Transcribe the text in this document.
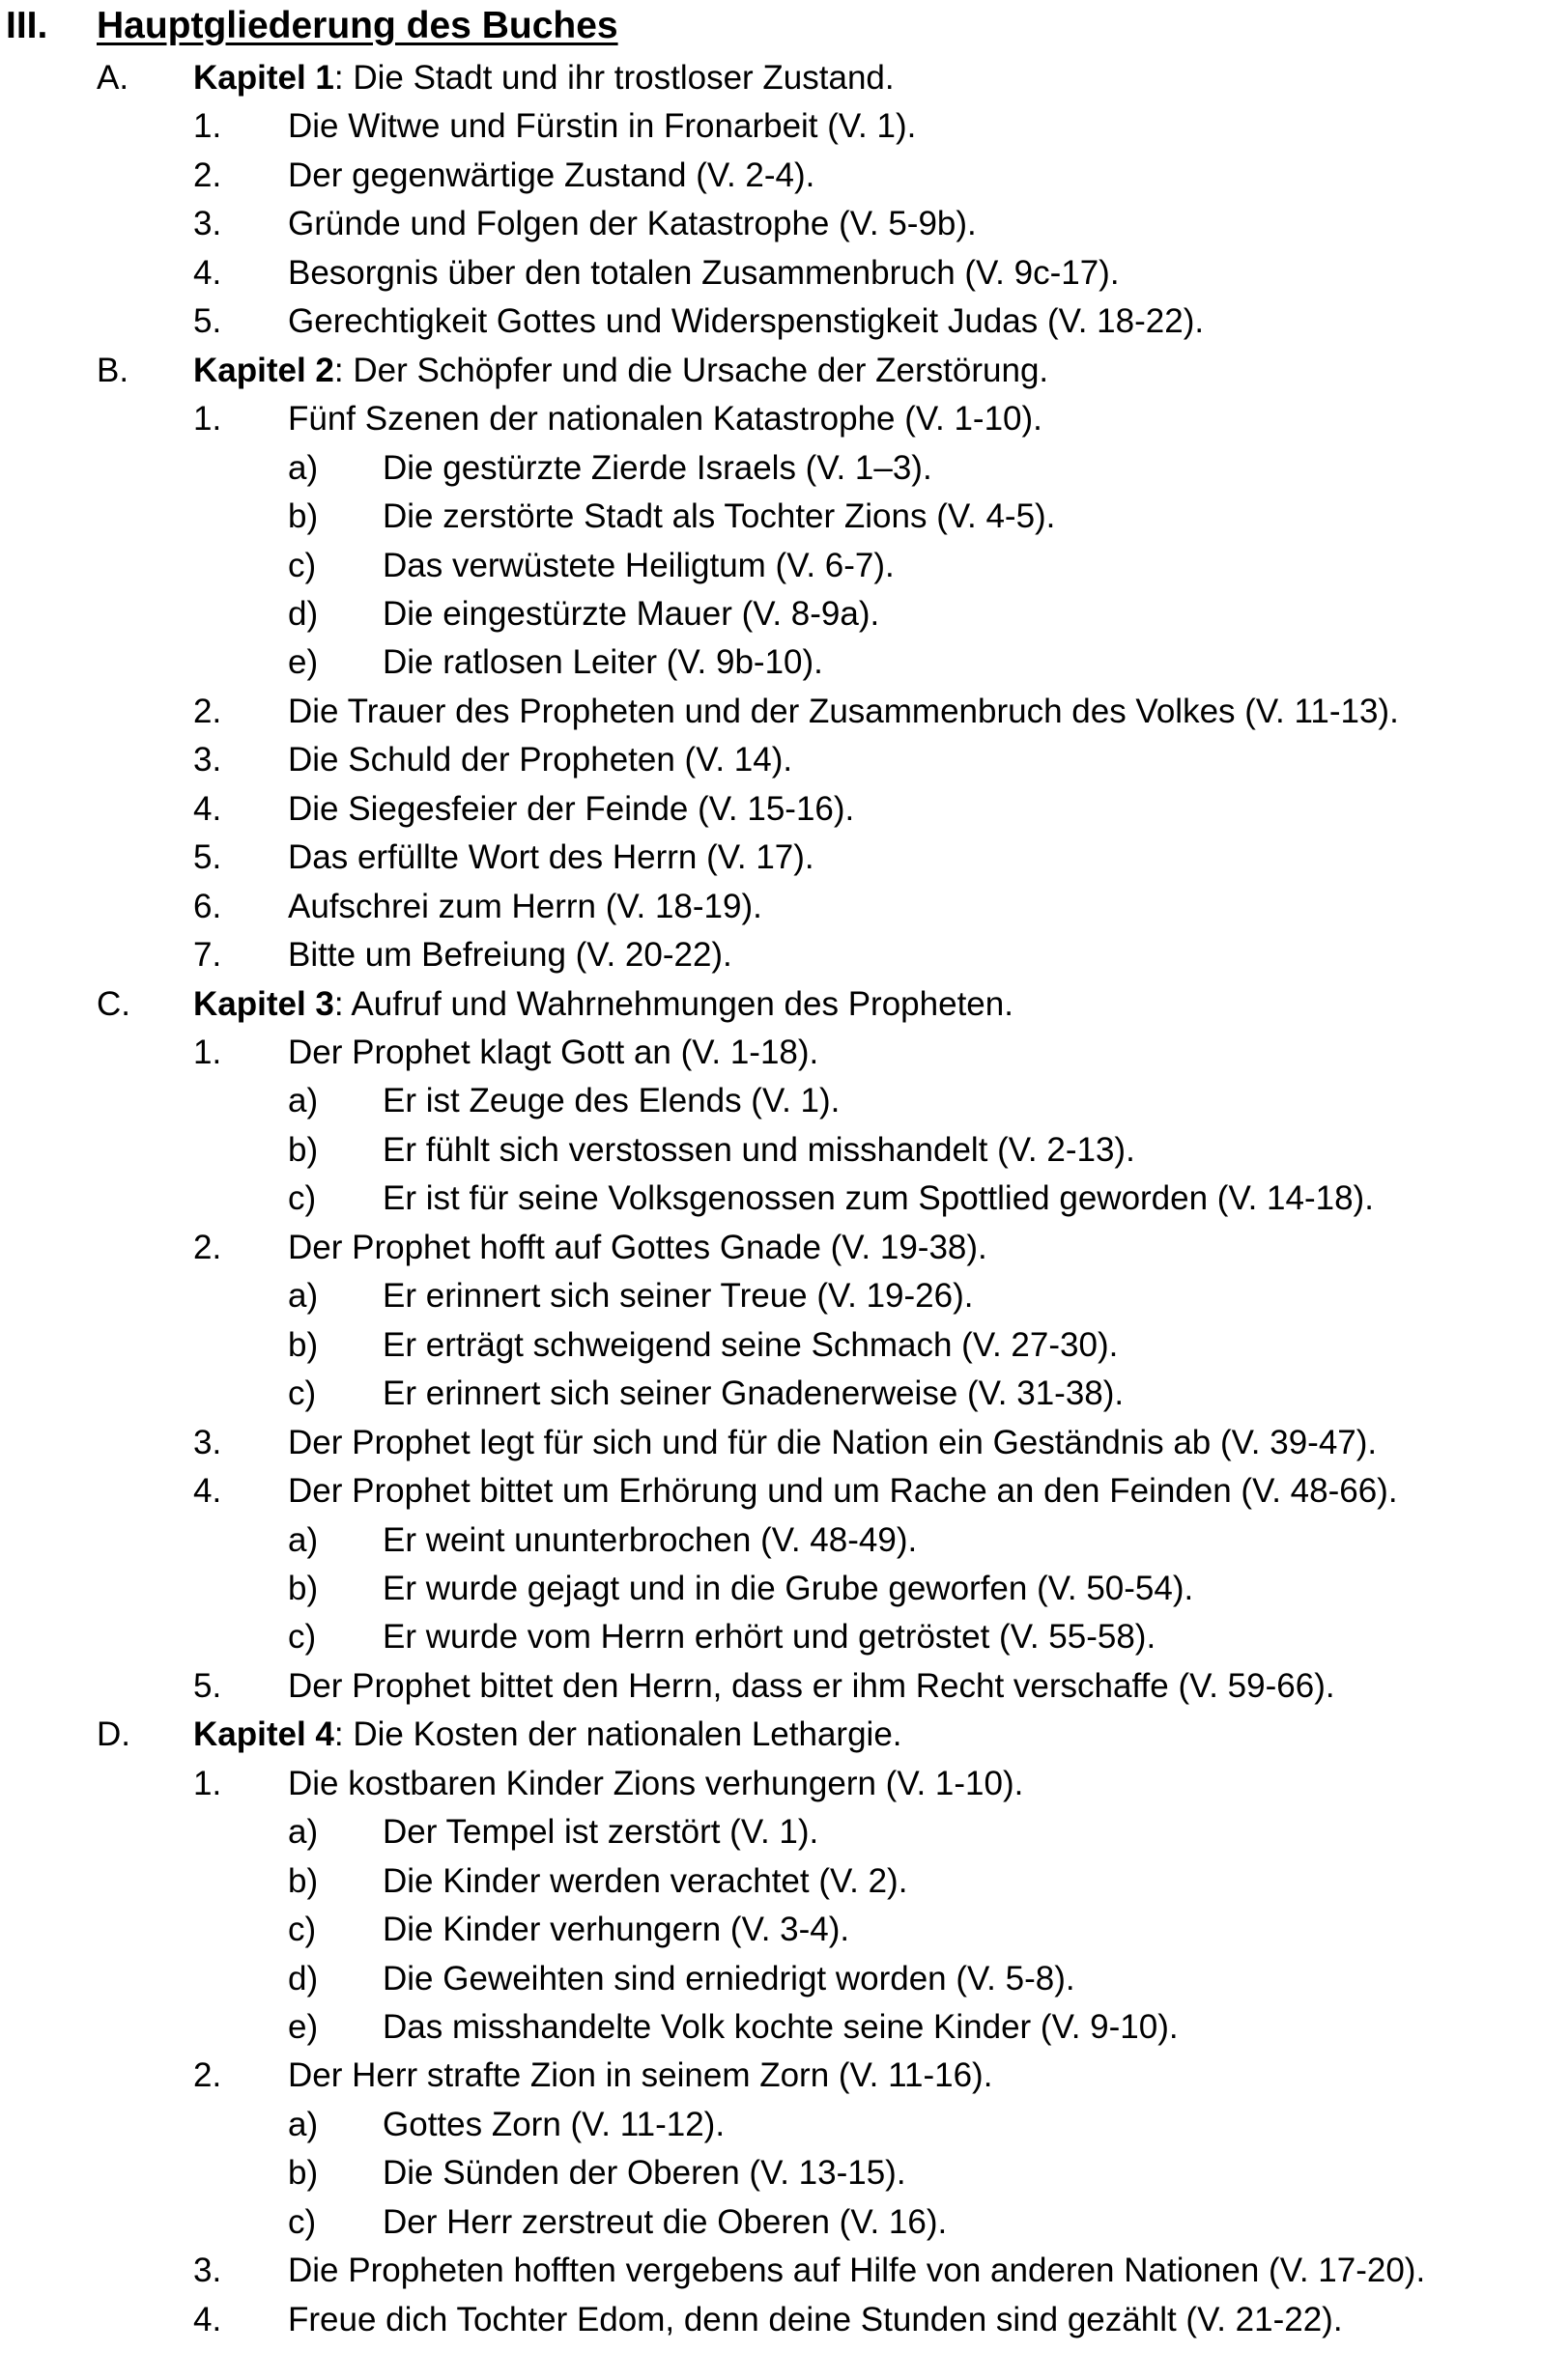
III. Hauptgliederung des Buches
A. Kapitel 1: Die Stadt und ihr trostloser Zustand.
1. Die Witwe und Fürstin in Fronarbeit (V. 1).
2. Der gegenwärtige Zustand (V. 2-4).
3. Gründe und Folgen der Katastrophe (V. 5-9b).
4. Besorgnis über den totalen Zusammenbruch (V. 9c-17).
5. Gerechtigkeit Gottes und Widerspenstigkeit Judas (V. 18-22).
B. Kapitel 2: Der Schöpfer und die Ursache der Zerstörung.
1. Fünf Szenen der nationalen Katastrophe (V. 1-10).
a) Die gestürzte Zierde Israels (V. 1–3).
b) Die zerstörte Stadt als Tochter Zions (V. 4-5).
c) Das verwüstete Heiligtum (V. 6-7).
d) Die eingestürzte Mauer (V. 8-9a).
e) Die ratlosen Leiter (V. 9b-10).
2. Die Trauer des Propheten und der Zusammenbruch des Volkes (V. 11-13).
3. Die Schuld der Propheten (V. 14).
4. Die Siegesfeier der Feinde (V. 15-16).
5. Das erfüllte Wort des Herrn (V. 17).
6. Aufschrei zum Herrn (V. 18-19).
7. Bitte um Befreiung (V. 20-22).
C. Kapitel 3: Aufruf und Wahrnehmungen des Propheten.
1. Der Prophet klagt Gott an (V. 1-18).
a) Er ist Zeuge des Elends (V. 1).
b) Er fühlt sich verstossen und misshandelt (V. 2-13).
c) Er ist für seine Volksgenossen zum Spottlied geworden (V. 14-18).
2. Der Prophet hofft auf Gottes Gnade (V. 19-38).
a) Er erinnert sich seiner Treue (V. 19-26).
b) Er erträgt schweigend seine Schmach (V. 27-30).
c) Er erinnert sich seiner Gnadenerweise (V. 31-38).
3. Der Prophet legt für sich und für die Nation ein Geständnis ab (V. 39-47).
4. Der Prophet bittet um Erhörung und um Rache an den Feinden (V. 48-66).
a) Er weint ununterbrochen (V. 48-49).
b) Er wurde gejagt und in die Grube geworfen (V. 50-54).
c) Er wurde vom Herrn erhört und getröstet (V. 55-58).
5. Der Prophet bittet den Herrn, dass er ihm Recht verschaffe (V. 59-66).
D. Kapitel 4: Die Kosten der nationalen Lethargie.
1. Die kostbaren Kinder Zions verhungern (V. 1-10).
a) Der Tempel ist zerstört (V. 1).
b) Die Kinder werden verachtet (V. 2).
c) Die Kinder verhungern (V. 3-4).
d) Die Geweihten sind erniedrigt worden (V. 5-8).
e) Das misshandelte Volk kochte seine Kinder (V. 9-10).
2. Der Herr strafte Zion in seinem Zorn (V. 11-16).
a) Gottes Zorn (V. 11-12).
b) Die Sünden der Oberen (V. 13-15).
c) Der Herr zerstreut die Oberen (V. 16).
3. Die Propheten hofften vergebens auf Hilfe von anderen Nationen (V. 17-20).
4. Freue dich Tochter Edom, denn deine Stunden sind gezählt (V. 21-22).
